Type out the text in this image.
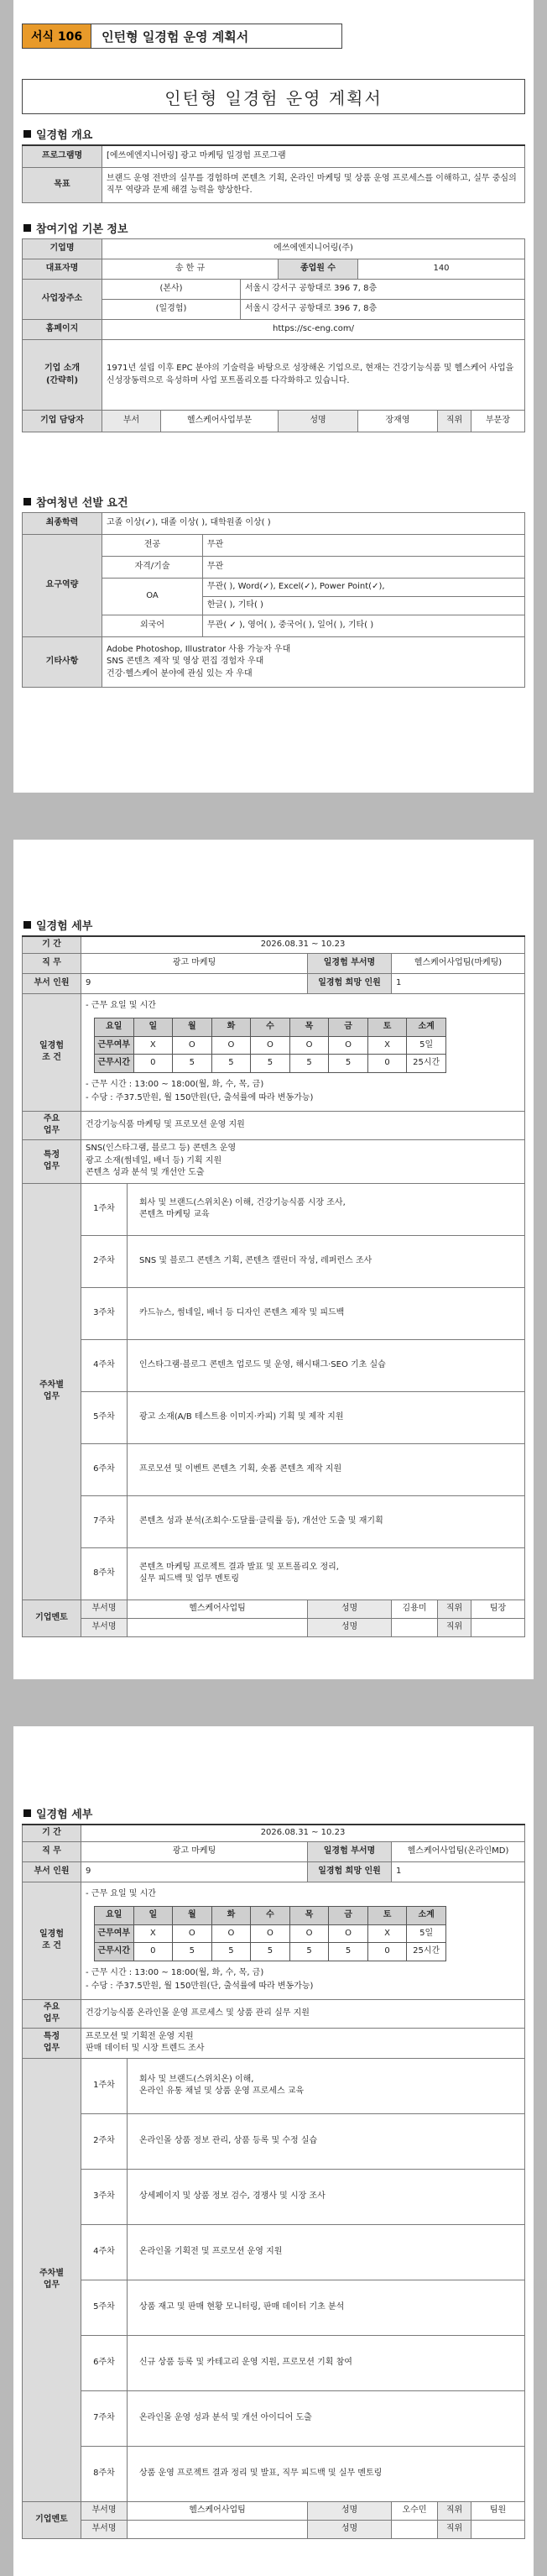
서식 106	인턴형 일경험 운영 계획서
인턴형 일경험 운영 계획서
일경험 개요
프로그램명	[에쓰에엔지니어링] 광고 마케팅 일경험 프로그램
목표	브랜드 운영 전반의 실무를 경험하며 콘텐츠 기획, 온라인 마케팅 및 상품 운영 프로세스를 이해하고, 실무 중심의 직무 역량과 문제 해결 능력을 향상한다.
참여기업 기본 정보
기업명	에쓰에엔지니어링(주)						
대표자명	송 한 규			종업원 수	140		
사업장주소	(본사)		서울시 강서구 공항대로 396 7, 8층				
	(일경험)		서울시 강서구 공항대로 396 7, 8층				
홈페이지	https://sc-eng.com/						
기업 소개
(간략히)	1971년 설립 이후 EPC 분야의 기술력을 바탕으로 성장해온 기업으로, 현재는 건강기능식품 및 헬스케어 사업을 신성장동력으로 육성하며 사업 포트폴리오를 다각화하고 있습니다.						
기업 담당자	부서	헬스케어사업부문		성명	장재영	직위	부문장
참여청년 선발 요건
최종학력	고졸 이상(✓), 대졸 이상( ), 대학원졸 이상( )	
요구역량	전공	무관
	자격/기술	무관
	OA	무관( ), Word(✓), Excel(✓), Power Point(✓),
		한글( ), 기타( )
	외국어	무관( ✓ ), 영어( ), 중국어( ), 일어( ), 기타( )
기타사항	Adobe Photoshop, Illustrator 사용 가능자 우대
SNS 콘텐츠 제작 및 영상 편집 경험자 우대
건강·헬스케어 분야에 관심 있는 자 우대	
일경험 세부
기 간	2026.08.31 ~ 10.23
직 무	광고 마케팅	일경험 부서명	헬스케어사업팀(마케팅)
부서 인원	9	일경험 희망 인원	1
일경험
조 건	
- 근무 요일 및 시간
요일	일	월	화	수	목	금	토	소계
근무여부	X	O	O	O	O	O	X	5일
근무시간	0	5	5	5	5	5	0	25시간
- 근무 시간 : 13:00 ~ 18:00(월, 화, 수, 목, 금)
- 수당 : 주37.5만원, 월 150만원(단, 출석률에 따라 변동가능)

주요
업무	건강기능식품 마케팅 및 프로모션 운영 지원
특정
업무	SNS(인스타그램, 블로그 등) 콘텐츠 운영
광고 소재(썸네일, 배너 등) 기획 지원
콘텐츠 성과 분석 및 개선안 도출
주차별
업무	1주차	회사 및 브랜드(스위치온) 이해, 건강기능식품 시장 조사,
콘텐츠 마케팅 교육
2주차	SNS 및 블로그 콘텐츠 기획, 콘텐츠 캘린더 작성, 레퍼런스 조사
3주차	카드뉴스, 썸네일, 배너 등 디자인 콘텐츠 제작 및 피드백
4주차	인스타그램·블로그 콘텐츠 업로드 및 운영, 해시태그·SEO 기초 실습
5주차	광고 소재(A/B 테스트용 이미지·카피) 기획 및 제작 지원
6주차	프로모션 및 이벤트 콘텐츠 기획, 숏폼 콘텐츠 제작 지원
7주차	콘텐츠 성과 분석(조회수·도달률·클릭률 등), 개선안 도출 및 재기획
8주차	콘텐츠 마케팅 프로젝트 결과 발표 및 포트폴리오 정리,
실무 피드백 및 업무 멘토링
기업멘토	부서명	헬스케어사업팀	성명	김용미	직위	팀장
부서명		성명		직위	
일경험 세부
기 간	2026.08.31 ~ 10.23
직 무	광고 마케팅	일경험 부서명	헬스케어사업팀(온라인MD)
부서 인원	9	일경험 희망 인원	1
일경험
조 건	
- 근무 요일 및 시간
요일	일	월	화	수	목	금	토	소계
근무여부	X	O	O	O	O	O	X	5일
근무시간	0	5	5	5	5	5	0	25시간
- 근무 시간 : 13:00 ~ 18:00(월, 화, 수, 목, 금)
- 수당 : 주37.5만원, 월 150만원(단, 출석률에 따라 변동가능)

주요
업무	건강기능식품 온라인몰 운영 프로세스 및 상품 관리 실무 지원
특정
업무	프로모션 및 기획전 운영 지원
판매 데이터 및 시장 트렌드 조사
주차별
업무	1주차	회사 및 브랜드(스위치온) 이해,
온라인 유통 채널 및 상품 운영 프로세스 교육
2주차	온라인몰 상품 정보 관리, 상품 등록 및 수정 실습
3주차	상세페이지 및 상품 정보 검수, 경쟁사 및 시장 조사
4주차	온라인몰 기획전 및 프로모션 운영 지원
5주차	상품 재고 및 판매 현황 모니터링, 판매 데이터 기초 분석
6주차	신규 상품 등록 및 카테고리 운영 지원, 프로모션 기획 참여
7주차	온라인몰 운영 성과 분석 및 개선 아이디어 도출
8주차	상품 운영 프로젝트 결과 정리 및 발표, 직무 피드백 및 실무 멘토링
기업멘토	부서명	헬스케어사업팀	성명	오수민	직위	팀원
부서명		성명		직위	
